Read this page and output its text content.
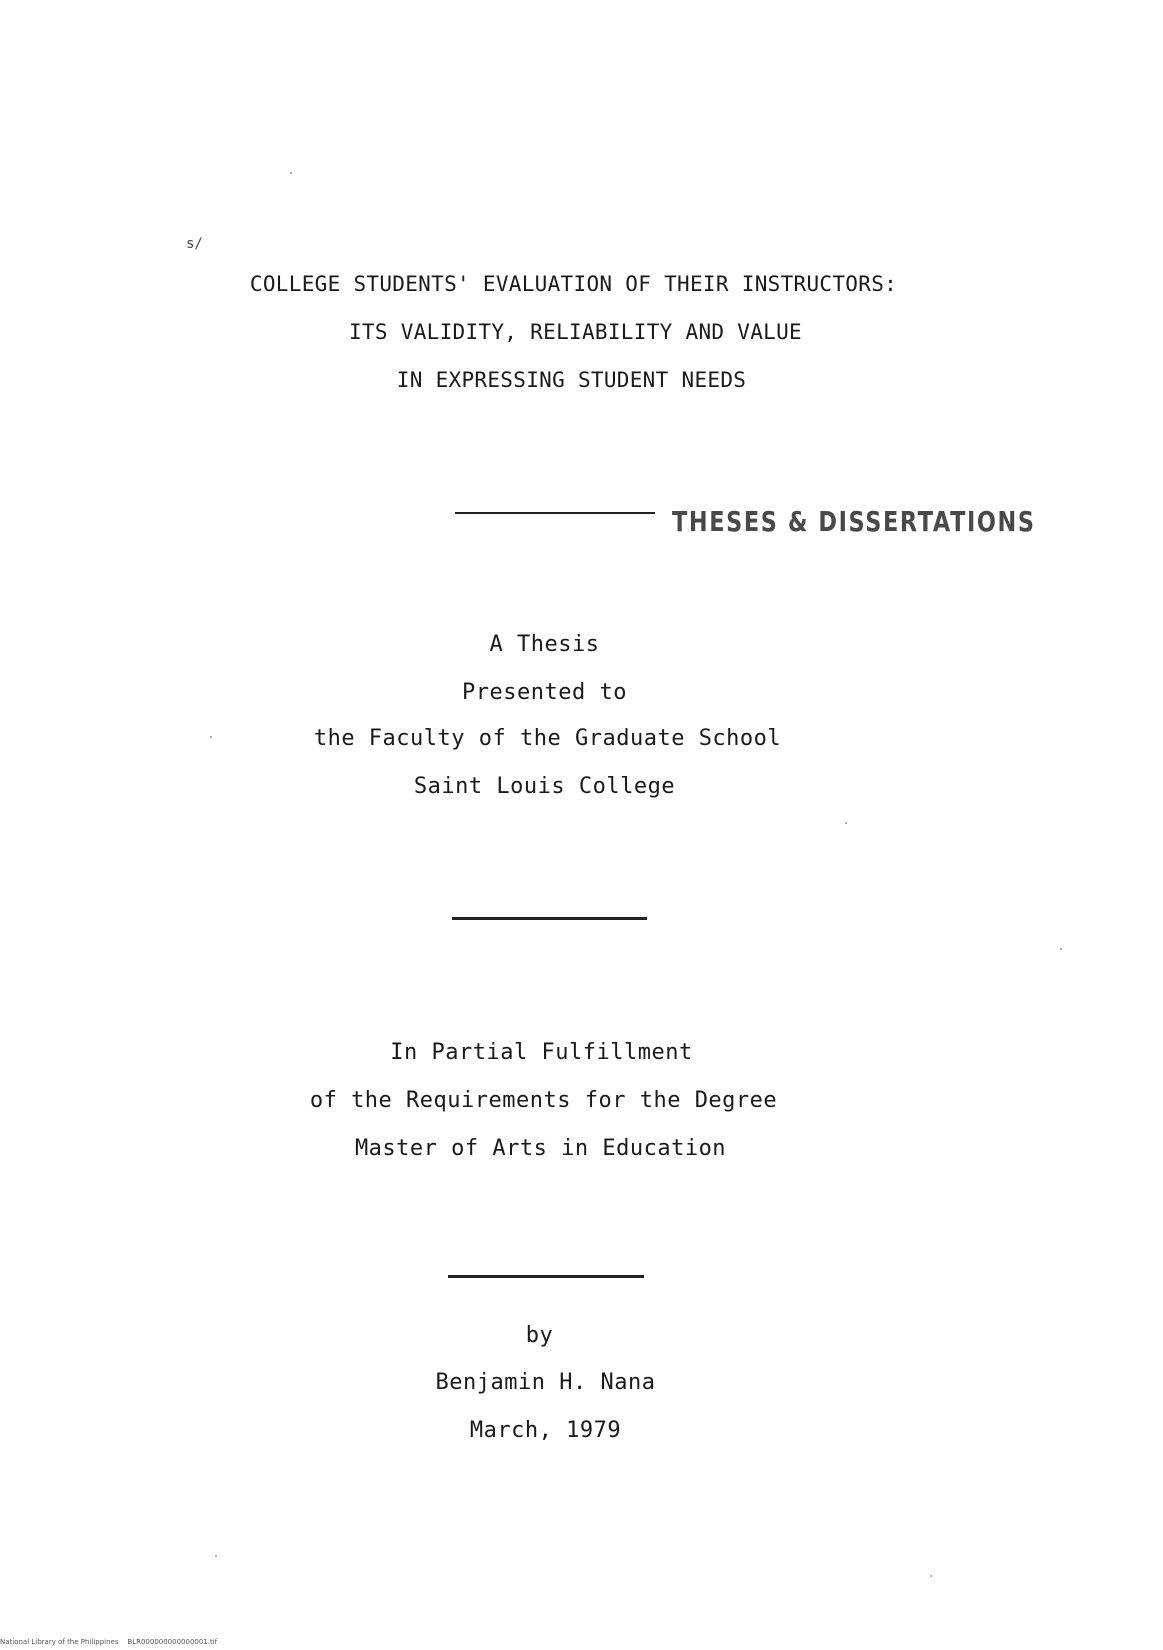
s/
COLLEGE STUDENTS' EVALUATION OF THEIR INSTRUCTORS:
ITS VALIDITY, RELIABILITY AND VALUE
IN EXPRESSING STUDENT NEEDS
THESES & DISSERTATIONS
A Thesis
Presented to
the Faculty of the Graduate School
Saint Louis College
In Partial Fulfillment
of the Requirements for the Degree
Master of Arts in Education
by
Benjamin H. Nana
March, 1979
National Library of the Philippines    BLR000000000000001.tif
